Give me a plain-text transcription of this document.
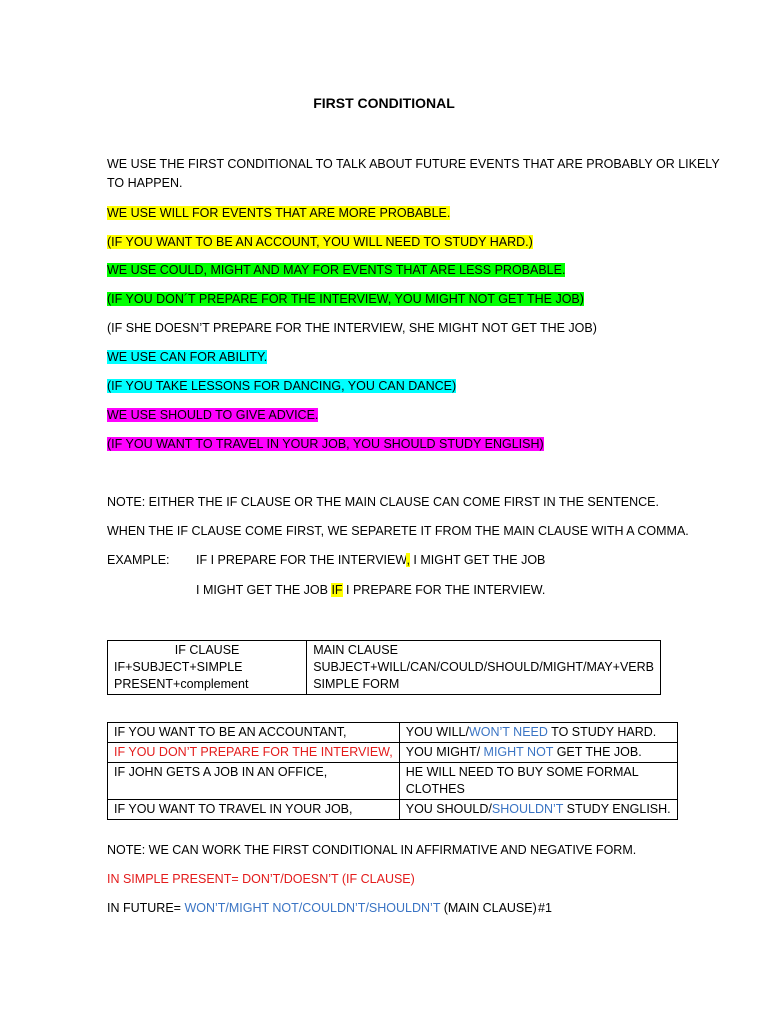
FIRST CONDITIONAL
WE USE THE FIRST CONDITIONAL TO TALK ABOUT FUTURE EVENTS THAT ARE PROBABLY OR LIKELY
TO HAPPEN.
WE USE WILL FOR EVENTS THAT ARE MORE PROBABLE.
(IF YOU WANT TO BE AN ACCOUNT, YOU WILL NEED TO STUDY HARD.)
WE USE COULD, MIGHT AND MAY FOR EVENTS THAT ARE LESS PROBABLE.
(IF YOU DON´T PREPARE FOR THE INTERVIEW, YOU MIGHT NOT GET THE JOB)
(IF SHE DOESN’T PREPARE FOR THE INTERVIEW, SHE MIGHT NOT GET THE JOB)
WE USE CAN FOR ABILITY.
(IF YOU TAKE LESSONS FOR DANCING, YOU CAN DANCE)
WE USE SHOULD TO GIVE ADVICE.
(IF YOU WANT TO TRAVEL IN YOUR JOB, YOU SHOULD STUDY ENGLISH)
NOTE: EITHER THE IF CLAUSE OR THE MAIN CLAUSE CAN COME FIRST IN THE SENTENCE.
WHEN THE IF CLAUSE COME FIRST, WE SEPARETE IT FROM THE MAIN CLAUSE WITH A COMMA.
EXAMPLE: IF I PREPARE FOR THE INTERVIEW, I MIGHT GET THE JOB
I MIGHT GET THE JOB IF I PREPARE FOR THE INTERVIEW.
IF CLAUSE
IF+SUBJECT+SIMPLE
PRESENT+complement

MAIN CLAUSE
SUBJECT+WILL/CAN/COULD/SHOULD/MIGHT/MAY+VERB
SIMPLE FORM
IF YOU WANT TO BE AN ACCOUNTANT,	YOU WILL/WON’T NEED TO STUDY HARD.
IF YOU DON’T PREPARE FOR THE INTERVIEW,	YOU MIGHT/ MIGHT NOT GET THE JOB.
IF JOHN GETS A JOB IN AN OFFICE,	HE WILL NEED TO BUY SOME FORMAL
CLOTHES

IF YOU WANT TO TRAVEL IN YOUR JOB,	YOU SHOULD/SHOULDN’T STUDY ENGLISH.
NOTE: WE CAN WORK THE FIRST CONDITIONAL IN AFFIRMATIVE AND NEGATIVE FORM.
IN SIMPLE PRESENT= DON’T/DOESN’T (IF CLAUSE)
IN FUTURE= WON’T/MIGHT NOT/COULDN’T/SHOULDN’T (MAIN CLAUSE) #1
